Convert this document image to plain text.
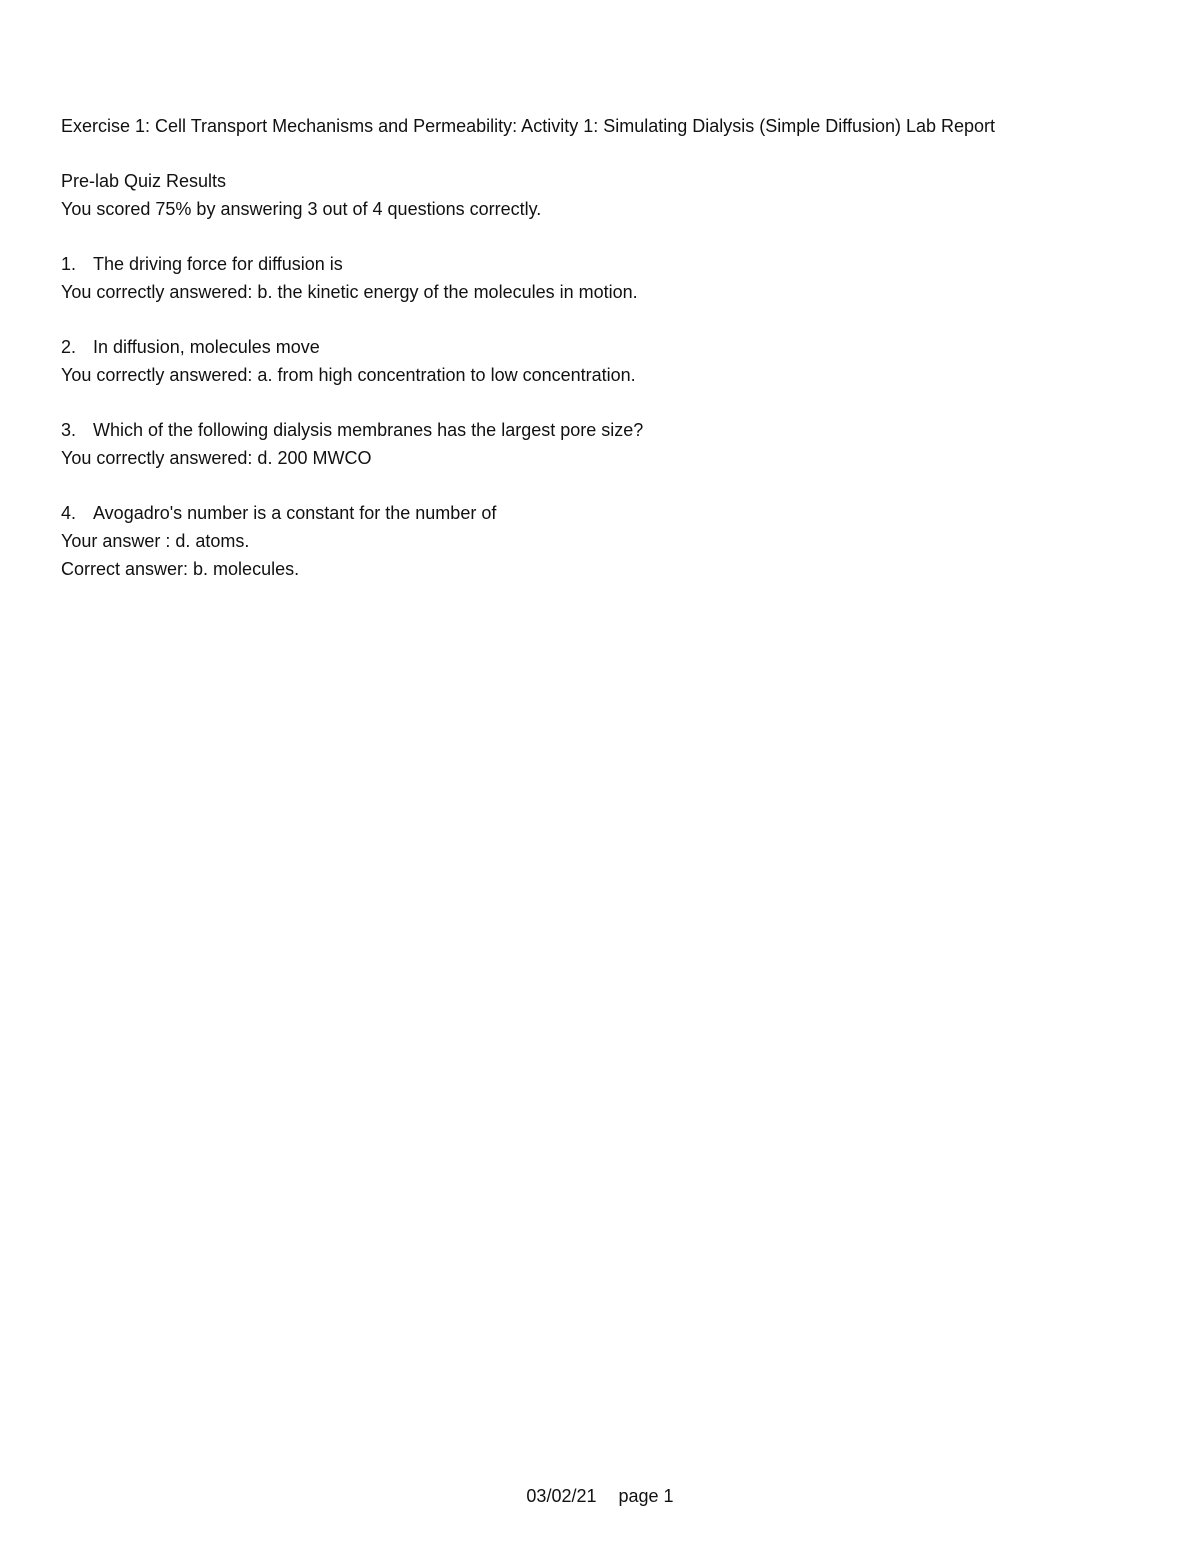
Exercise 1: Cell Transport Mechanisms and Permeability: Activity 1: Simulating Dialysis (Simple Diffusion) Lab Report
Pre-lab Quiz Results
You scored 75% by answering 3 out of 4 questions correctly.
1. The driving force for diffusion is
You correctly answered: b. the kinetic energy of the molecules in motion.
2. In diffusion, molecules move
You correctly answered: a. from high concentration to low concentration.
3. Which of the following dialysis membranes has the largest pore size?
You correctly answered: d. 200 MWCO
4. Avogadro's number is a constant for the number of
Your answer : d. atoms.
Correct answer: b. molecules.
03/02/21 page 1
